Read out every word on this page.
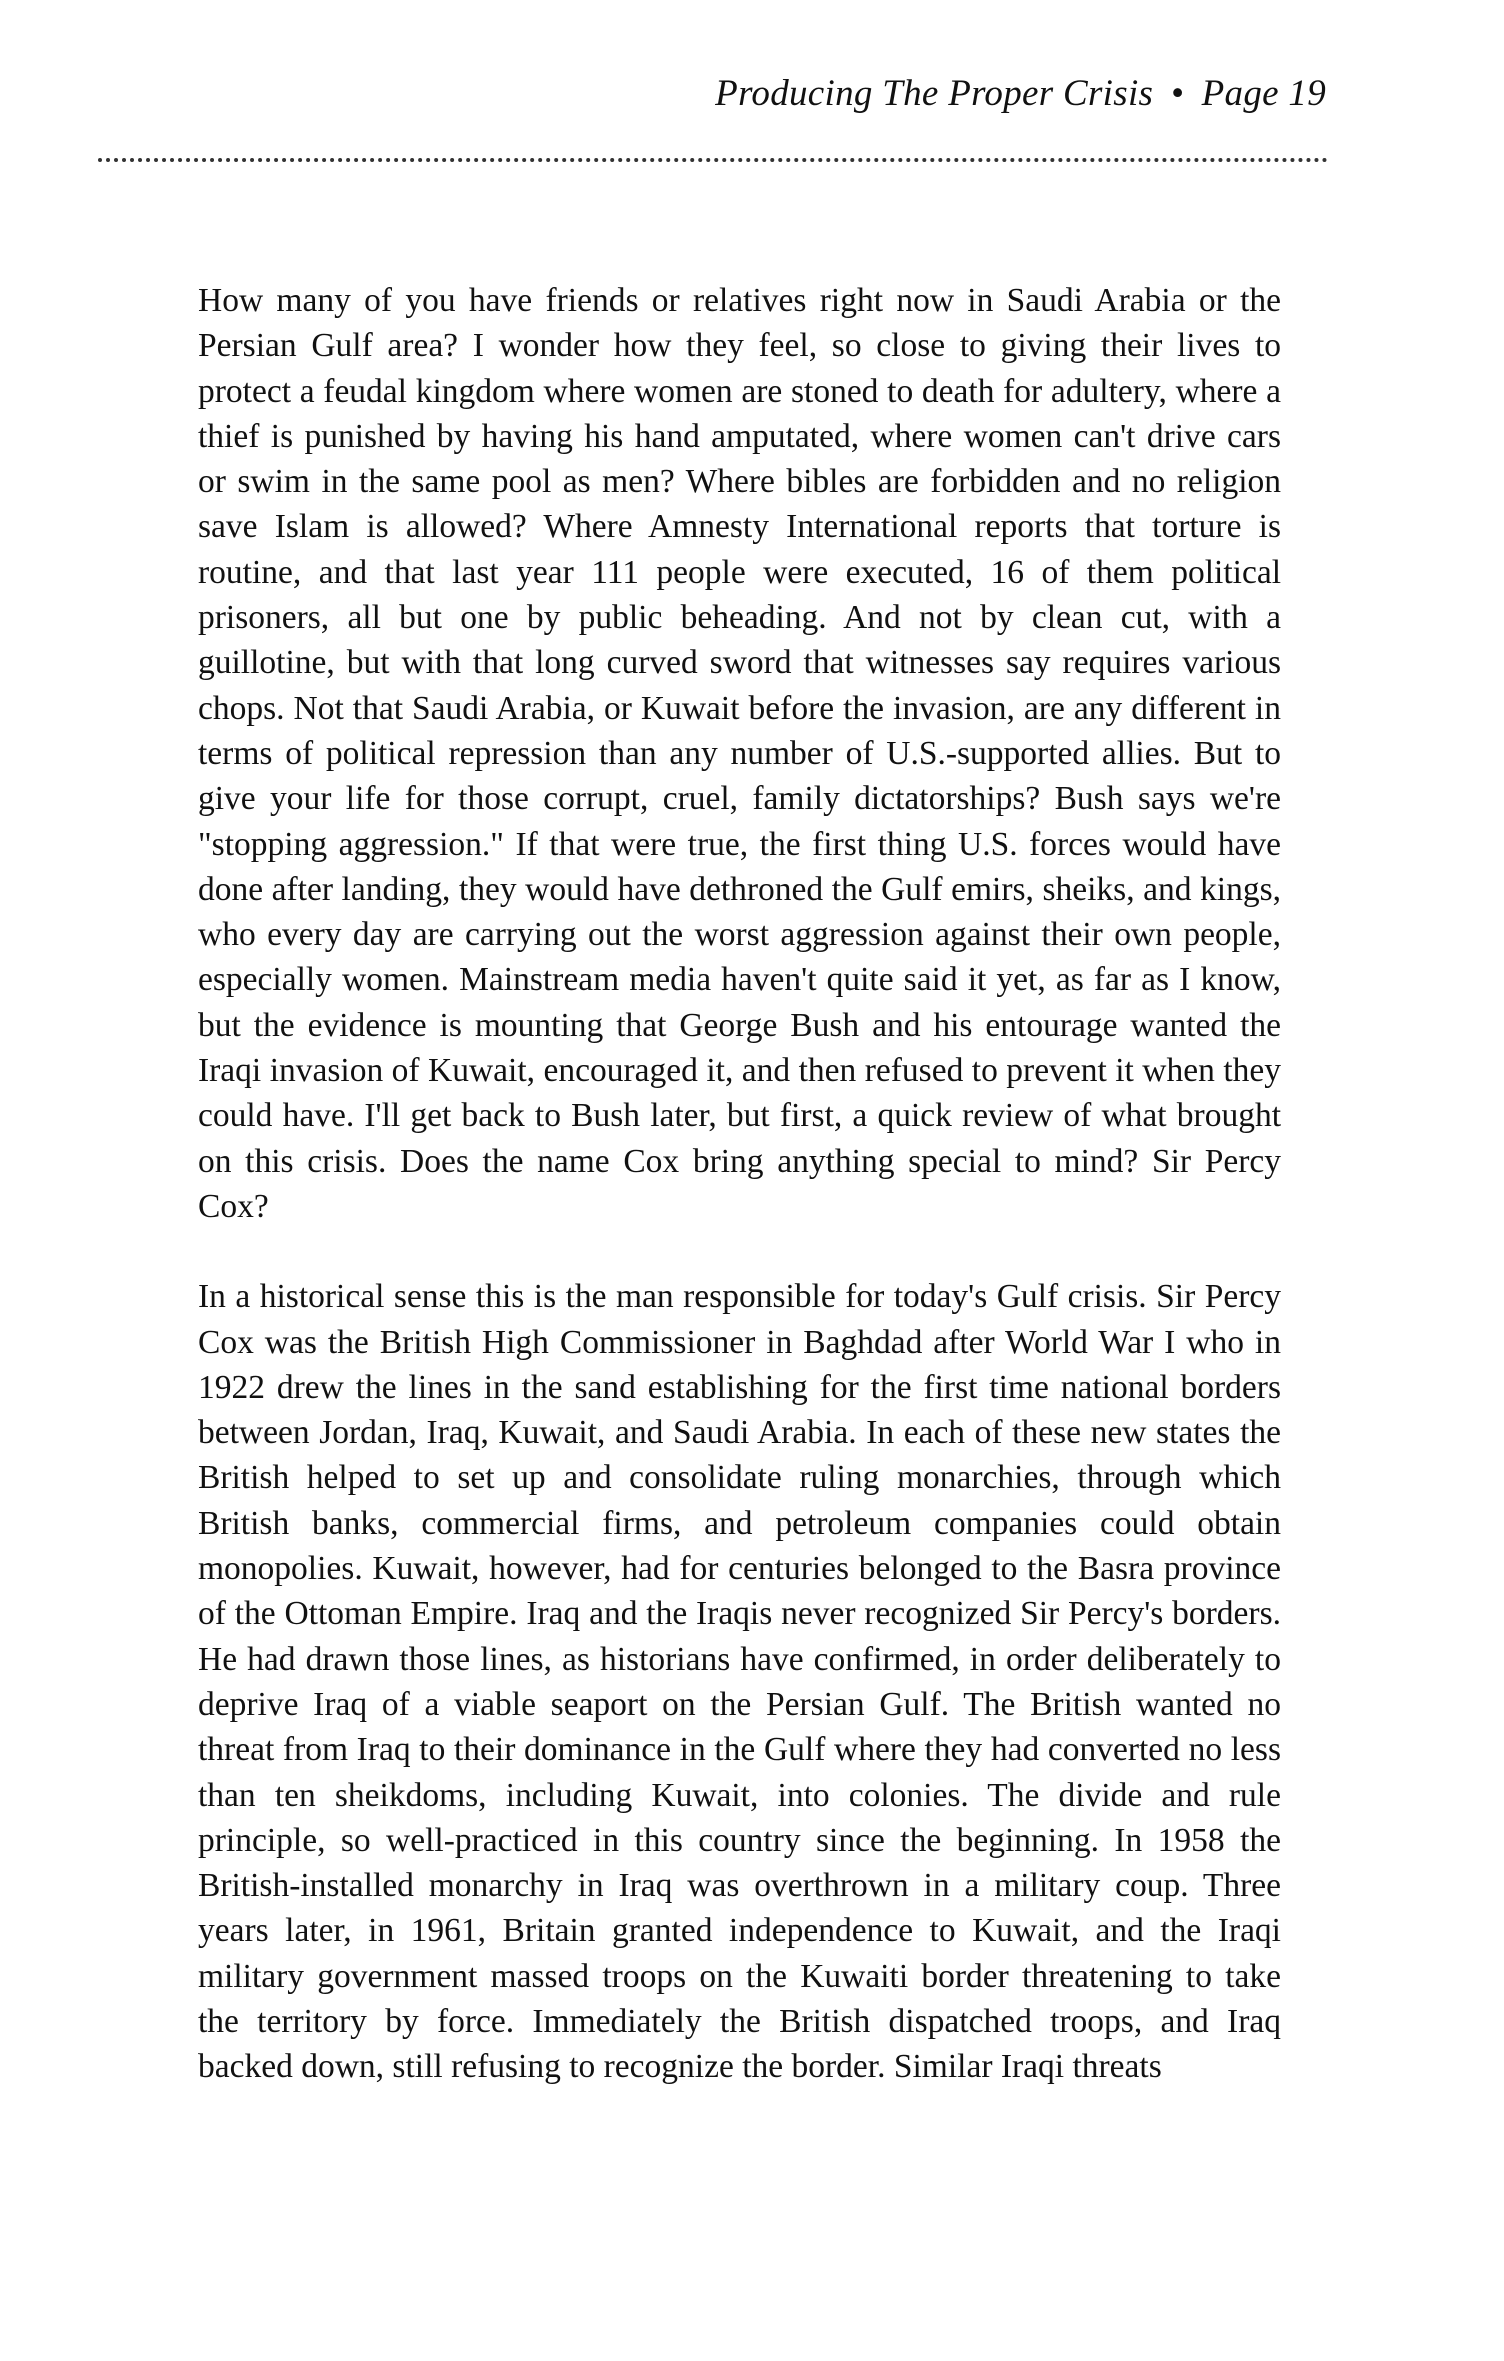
Producing The Proper Crisis • Page 19

How many of you have friends or relatives right now in Saudi Arabia or the Persian Gulf area? I wonder how they feel, so close to giving their lives to protect a feudal kingdom where women are stoned to death for adultery, where a thief is punished by having his hand amputated, where women can't drive cars or swim in the same pool as men? Where bibles are forbidden and no religion save Islam is allowed? Where Amnesty International reports that torture is routine, and that last year 111 people were executed, 16 of them political prisoners, all but one by public beheading. And not by clean cut, with a guillotine, but with that long curved sword that witnesses say requires various chops. Not that Saudi Arabia, or Kuwait before the invasion, are any different in terms of political repression than any number of U.S.-supported allies. But to give your life for those corrupt, cruel, family dictatorships? Bush says we're "stopping aggression." If that were true, the first thing U.S. forces would have done after landing, they would have dethroned the Gulf emirs, sheiks, and kings, who every day are carrying out the worst aggression against their own people, especially women. Mainstream media haven't quite said it yet, as far as I know, but the evidence is mounting that George Bush and his entourage wanted the Iraqi invasion of Kuwait, encouraged it, and then refused to prevent it when they could have. I'll get back to Bush later, but first, a quick review of what brought on this crisis. Does the name Cox bring anything special to mind? Sir Percy Cox?

In a historical sense this is the man responsible for today's Gulf crisis. Sir Percy Cox was the British High Commissioner in Baghdad after World War I who in 1922 drew the lines in the sand establishing for the first time national borders between Jordan, Iraq, Kuwait, and Saudi Arabia. In each of these new states the British helped to set up and consolidate ruling monarchies, through which British banks, commercial firms, and petroleum companies could obtain monopolies. Kuwait, however, had for centuries belonged to the Basra province of the Ottoman Empire. Iraq and the Iraqis never recognized Sir Percy's borders. He had drawn those lines, as historians have confirmed, in order deliberately to deprive Iraq of a viable seaport on the Persian Gulf. The British wanted no threat from Iraq to their dominance in the Gulf where they had converted no less than ten sheikdoms, including Kuwait, into colonies. The divide and rule principle, so well-practiced in this country since the beginning. In 1958 the British-installed monarchy in Iraq was overthrown in a military coup. Three years later, in 1961, Britain granted independence to Kuwait, and the Iraqi military government massed troops on the Kuwaiti border threatening to take the territory by force. Immediately the British dispatched troops, and Iraq backed down, still refusing to recognize the border. Similar Iraqi threats
